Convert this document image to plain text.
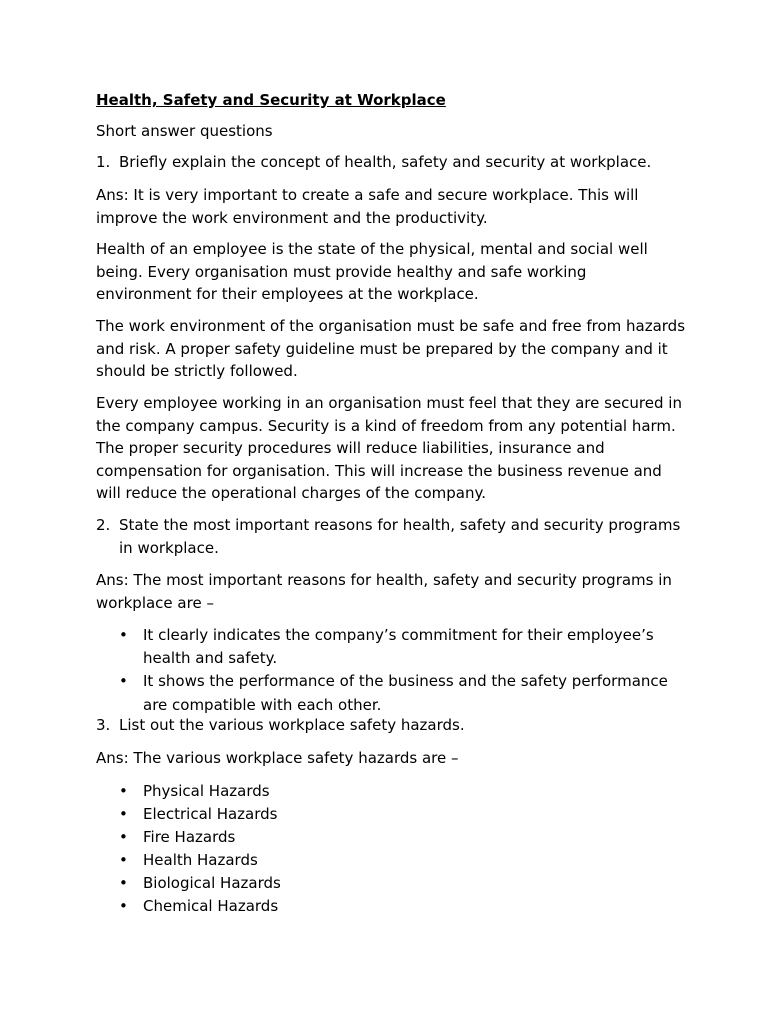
Health, Safety and Security at Workplace

Short answer questions

1. Briefly explain the concept of health, safety and security at workplace.

Ans: It is very important to create a safe and secure workplace. This will improve the work environment and the productivity.

Health of an employee is the state of the physical, mental and social well being. Every organisation must provide healthy and safe working environment for their employees at the workplace.

The work environment of the organisation must be safe and free from hazards and risk. A proper safety guideline must be prepared by the company and it should be strictly followed.

Every employee working in an organisation must feel that they are secured in the company campus. Security is a kind of freedom from any potential harm. The proper security procedures will reduce liabilities, insurance and compensation for organisation. This will increase the business revenue and will reduce the operational charges of the company.

2. State the most important reasons for health, safety and security programs in workplace.

Ans: The most important reasons for health, safety and security programs in workplace are –

• It clearly indicates the company’s commitment for their employee’s health and safety.
• It shows the performance of the business and the safety performance are compatible with each other.
3. List out the various workplace safety hazards.

Ans: The various workplace safety hazards are –

• Physical Hazards
• Electrical Hazards
• Fire Hazards
• Health Hazards
• Biological Hazards
• Chemical Hazards
